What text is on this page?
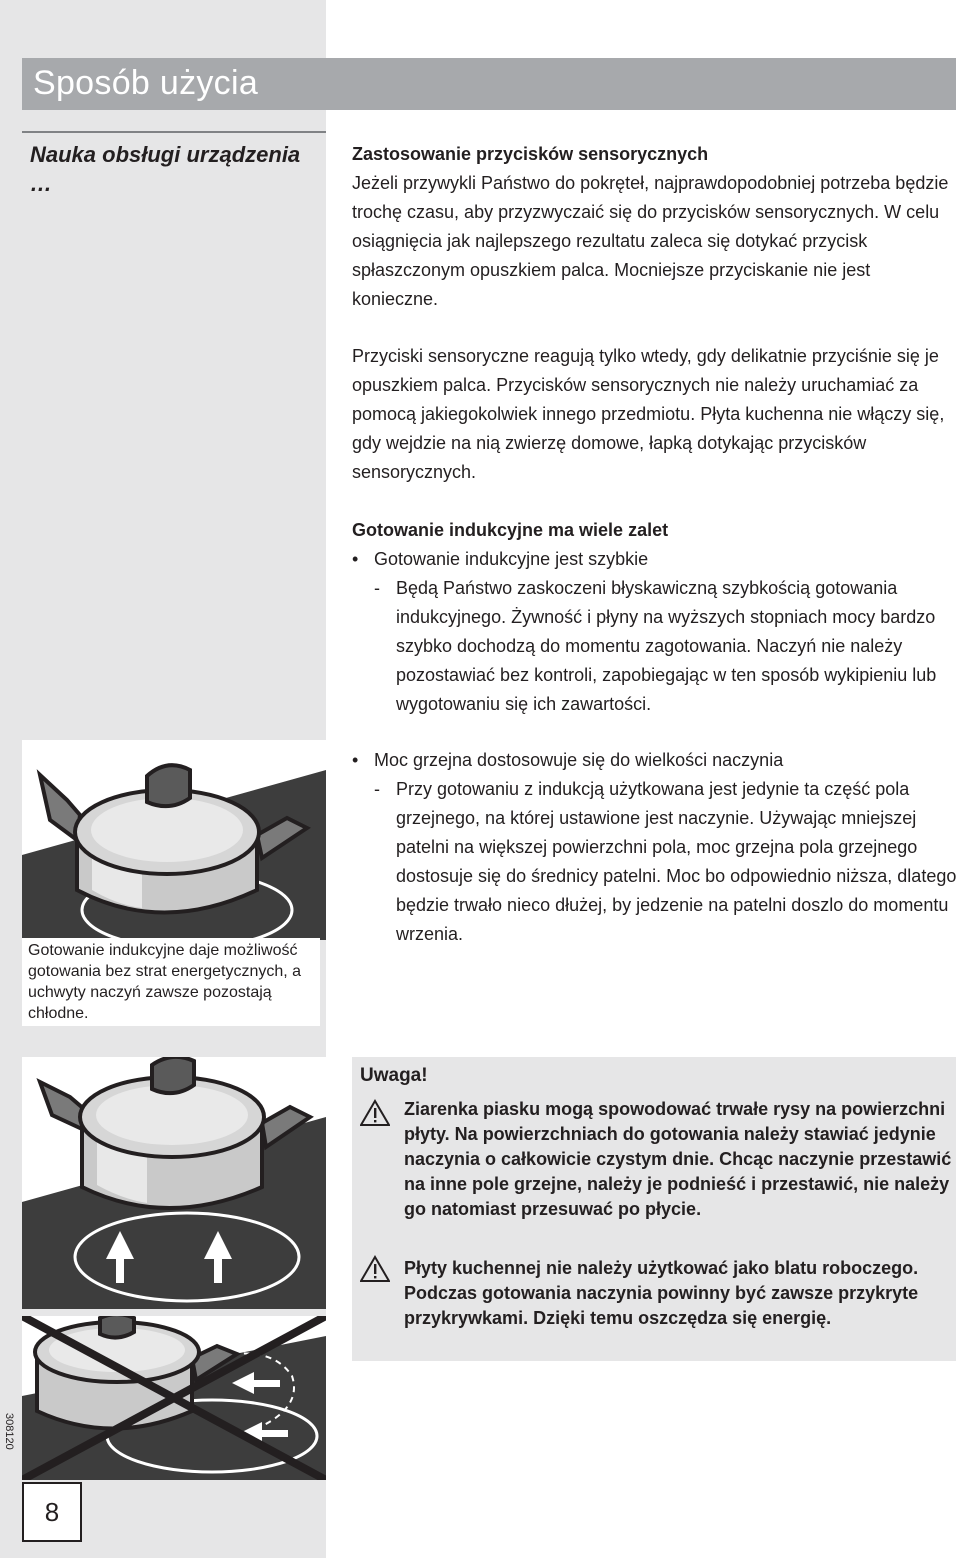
Sposób użycia
Nauka obsługi urządzenia …

Zastosowanie przycisków sensorycznych

Jeżeli przywykli Państwo do pokręteł, najprawdopodobniej potrzeba będzie trochę czasu, aby przyzwyczaić się do przycisków sensorycznych. W celu osiągnięcia jak najlepszego rezultatu zaleca się dotykać przycisk spłaszczonym opuszkiem palca. Mocniejsze przyciskanie nie jest konieczne.

Przyciski sensoryczne reagują tylko wtedy, gdy delikatnie przyciśnie się je opuszkiem palca. Przycisków sensorycznych nie należy uruchamiać za pomocą jakiegokolwiek innego przedmiotu. Płyta kuchenna nie włączy się, gdy wejdzie na nią zwierzę domowe, łapką dotykając przycisków sensorycznych.

Gotowanie indukcyjne ma wiele zalet

• Gotowanie indukcyjne jest szybkie
- Będą Państwo zaskoczeni błyskawiczną szybkością gotowania indukcyjnego. Żywność i płyny na wyższych stopniach mocy bardzo szybko dochodzą do momentu zagotowania. Naczyń nie należy pozostawiać bez kontroli, zapobiegając w ten sposób wykipieniu lub wygotowaniu się ich zawartości.
• Moc grzejna dostosowuje się do wielkości naczynia
- Przy gotowaniu z indukcją użytkowana jest jedynie ta część pola grzejnego, na której ustawione jest naczynie. Używając mniejszej patelni na większej powierzchni pola, moc grzejna pola grzejnego dostosuje się do średnicy patelni. Moc bo odpowiednio niższa, dlatego będzie trwało nieco dłużej, by jedzenie na patelni doszlo do momentu wrzenia.
Gotowanie indukcyjne daje możliwość gotowania bez strat energetycznych, a uchwyty naczyń zawsze pozostają chłodne.
Uwaga!
Ziarenka piasku mogą spowodować trwałe rysy na powierzchni płyty. Na powierzchniach do gotowania należy stawiać jedynie naczynia o całkowicie czystym dnie. Chcąc naczynie przestawić na inne pole grzejne, należy je podnieść i przestawić, nie należy go natomiast przesuwać po płycie.
Płyty kuchennej nie należy użytkować jako blatu roboczego. Podczas gotowania naczynia powinny być zawsze przykryte przykrywkami. Dzięki temu oszczędza się energię.
308120
8
